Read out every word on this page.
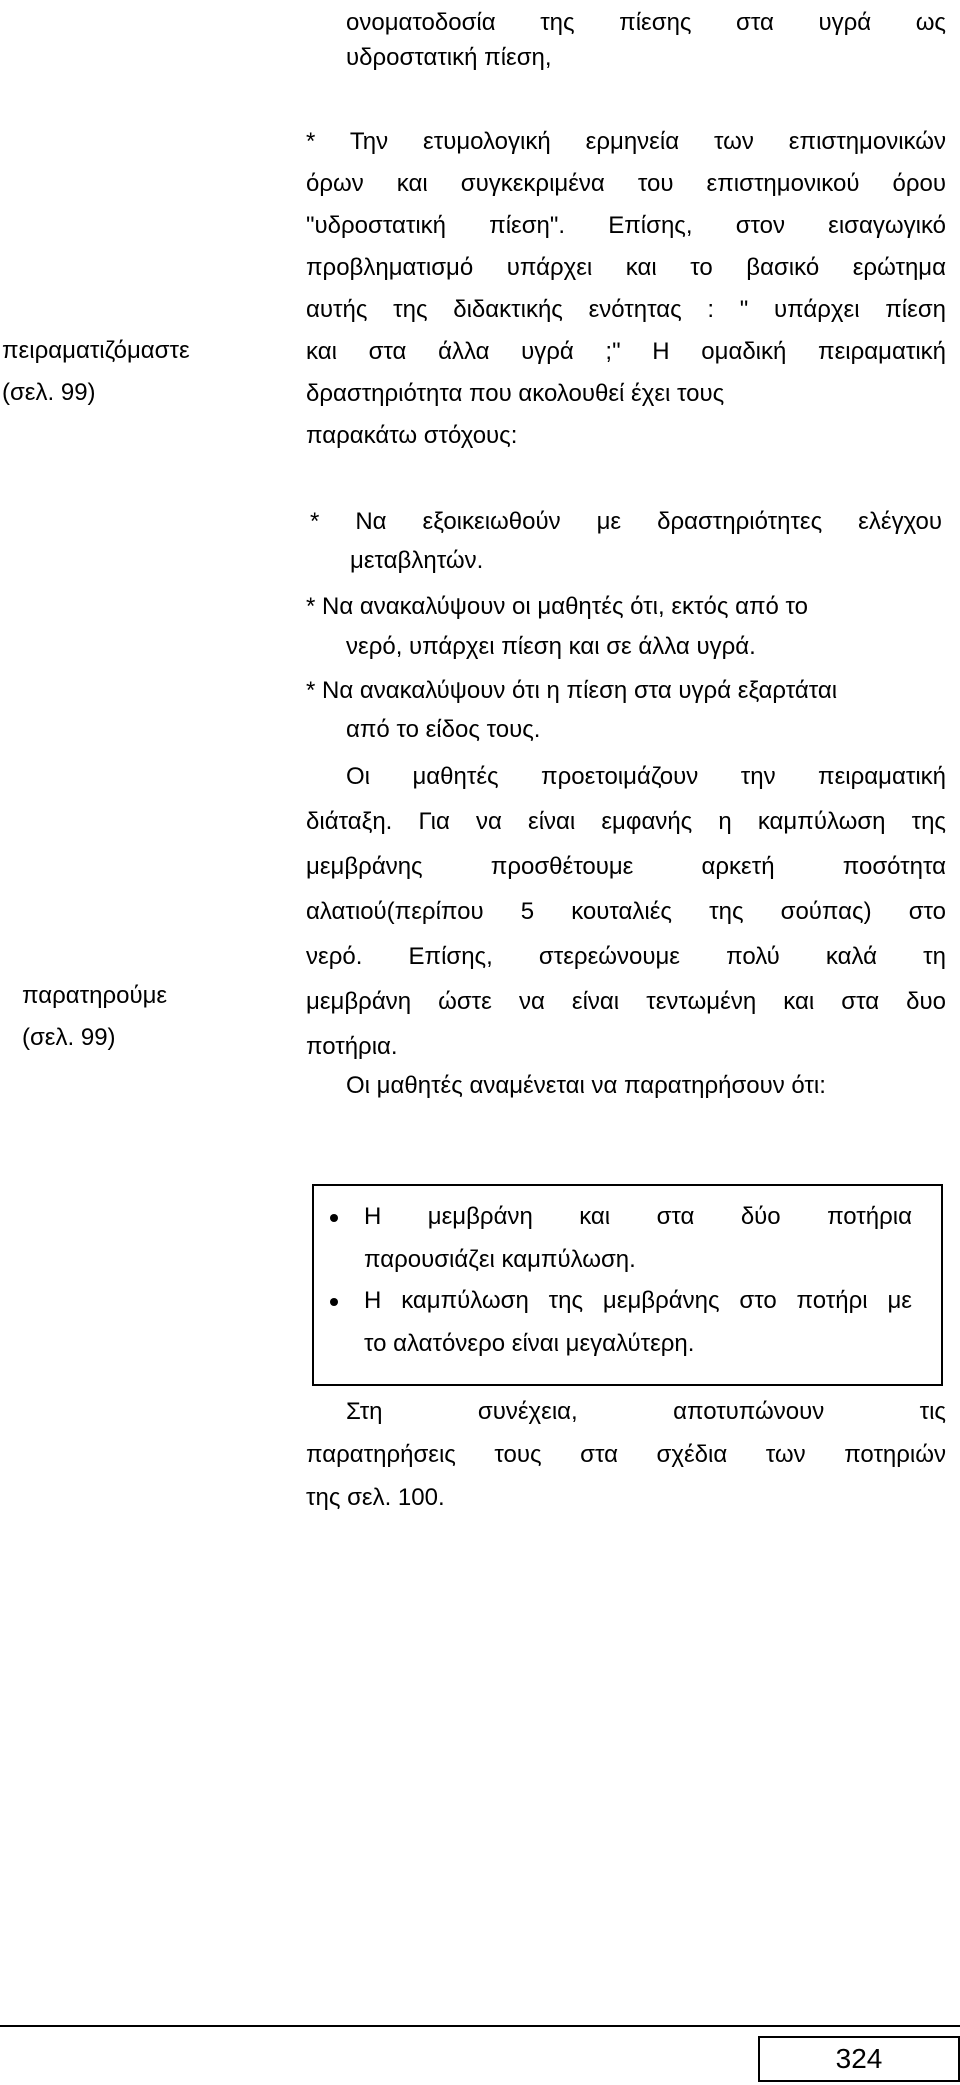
ονοματοδοσία της πίεσης στα υγρά ως
υδροστατική πίεση,
πειραματιζόμαστε
(σελ. 99)
* Την ετυμολογική ερμηνεία των επιστημονικών
όρων και συγκεκριμένα του επιστημονικού όρου
"υδροστατική πίεση". Επίσης, στον εισαγωγικό
προβληματισμό υπάρχει και το βασικό ερώτημα
αυτής της διδακτικής ενότητας : " υπάρχει πίεση
και στα άλλα υγρά ;" Η ομαδική πειραματική
δραστηριότητα που ακολουθεί έχει τους
παρακάτω στόχους:
παρατηρούμε
(σελ. 99)
* Να εξοικειωθούν με δραστηριότητες ελέγχου
μεταβλητών.
* Να ανακαλύψουν οι μαθητές ότι, εκτός από το
νερό, υπάρχει πίεση και σε άλλα υγρά.
* Να ανακαλύψουν ότι η πίεση στα υγρά εξαρτάται
από το είδος τους.
Οι μαθητές προετοιμάζουν την πειραματική
διάταξη. Για να είναι εμφανής η καμπύλωση της
μεμβράνης προσθέτουμε αρκετή ποσότητα
αλατιού(περίπου 5 κουταλιές της σούπας) στο
νερό. Επίσης, στερεώνουμε πολύ καλά τη
μεμβράνη ώστε να είναι τεντωμένη και στα δυο
ποτήρια.
Οι μαθητές αναμένεται να παρατηρήσουν ότι:
Η μεμβράνη και στα δύο ποτήρια
παρουσιάζει καμπύλωση.
Η καμπύλωση της μεμβράνης στο ποτήρι με
το αλατόνερο είναι μεγαλύτερη.
Στη συνέχεια, αποτυπώνουν τις
παρατηρήσεις τους στα σχέδια των ποτηριών
της σελ. 100.
324
